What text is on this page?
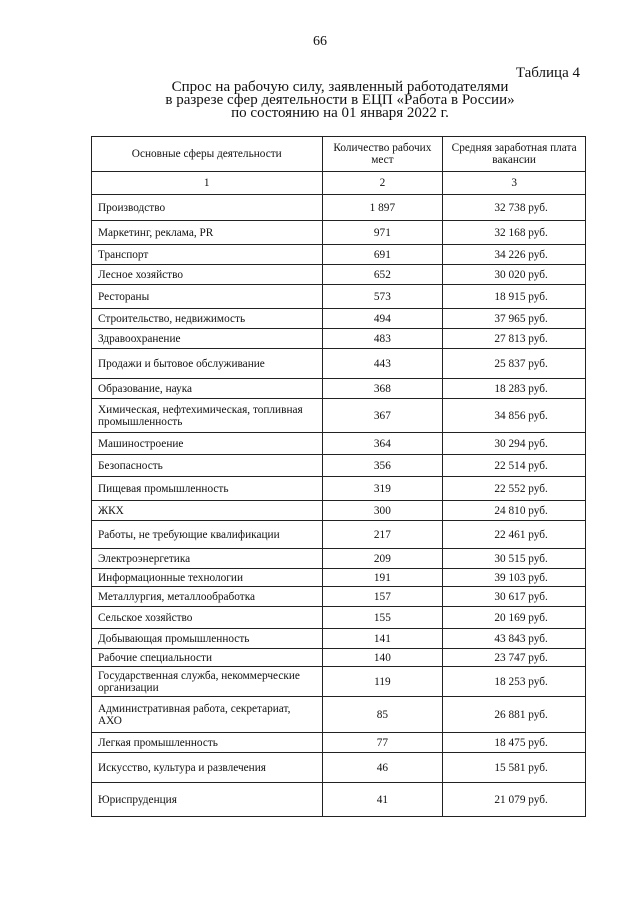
66
Таблица 4
Спрос на рабочую силу, заявленный работодателями
в разрезе сфер деятельности в ЕЦП «Работа в России»
по состоянию на 01 января 2022 г.
Основные сферы деятельности	Количество рабочих мест	Средняя заработная плата вакансии
1	2	3
Производство	1 897	32 738 руб.
Маркетинг, реклама, PR	971	32 168 руб.
Транспорт	691	34 226 руб.
Лесное хозяйство	652	30 020 руб.
Рестораны	573	18 915 руб.
Строительство, недвижимость	494	37 965 руб.
Здравоохранение	483	27 813 руб.
Продажи и бытовое обслуживание	443	25 837 руб.
Образование, наука	368	18 283 руб.
Химическая, нефтехимическая, топливная промышленность	367	34 856 руб.
Машиностроение	364	30 294 руб.
Безопасность	356	22 514 руб.
Пищевая промышленность	319	22 552 руб.
ЖКХ	300	24 810 руб.
Работы, не требующие квалификации	217	22 461 руб.
Электроэнергетика	209	30 515 руб.
Информационные технологии	191	39 103 руб.
Металлургия, металлообработка	157	30 617 руб.
Сельское хозяйство	155	20 169 руб.
Добывающая промышленность	141	43 843 руб.
Рабочие специальности	140	23 747 руб.
Государственная служба, некоммерческие организации	119	18 253 руб.
Административная работа, секретариат, АХО	85	26 881 руб.
Легкая промышленность	77	18 475 руб.
Искусство, культура и развлечения	46	15 581 руб.
Юриспруденция	41	21 079 руб.
